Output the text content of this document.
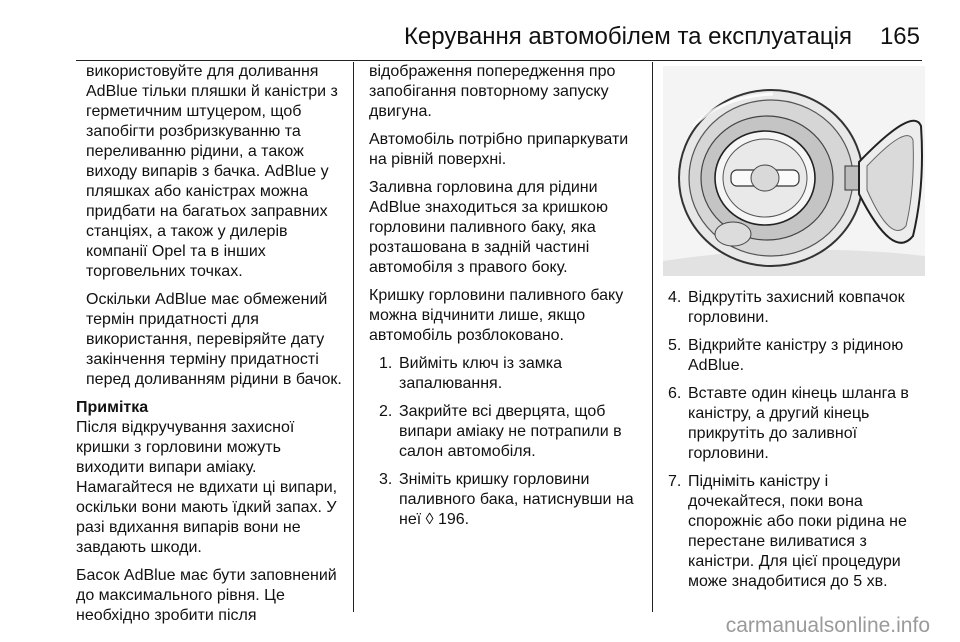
Керування автомобілем та експлуатація 165

використовуйте для доливання AdBlue тільки пляшки й каністри з герметичним штуцером, щоб запобігти розбризкуванню та переливанню рідини, а також виходу випарів з бачка. AdBlue у пляшках або каністрах можна придбати на багатьох заправних станціях, а також у дилерів компанії Opel та в інших торговельних точках.

Оскільки AdBlue має обмежений термін придатності для використання, перевіряйте дату закінчення терміну придатності перед доливанням рідини в бачок.

Примітка
Після відкручування захисної кришки з горловини можуть виходити випари аміаку. Намагайтеся не вдихати ці випари, оскільки вони мають їдкий запах. У разі вдихання випарів вони не завдають шкоди.

Басок AdBlue має бути заповнений до максимального рівня. Це необхідно зробити після

відображення попередження про запобігання повторному запуску двигуна.

Автомобіль потрібно припаркувати на рівній поверхні.

Заливна горловина для рідини AdBlue знаходиться за кришкою горловини паливного баку, яка розташована в задній частині автомобіля з правого боку.

Кришку горловини паливного баку можна відчинити лише, якщо автомобіль розблоковано.

1. Вийміть ключ із замка запалювання.
2. Закрийте всі дверцята, щоб випари аміаку не потрапили в салон автомобіля.
3. Зніміть кришку горловини паливного бака, натиснувши на неї ◊ 196.
4. Відкрутіть захисний ковпачок горловини.
5. Відкрийте каністру з рідиною AdBlue.
6. Вставте один кінець шланга в каністру, а другий кінець прикрутіть до заливної горловини.
7. Підніміть каністру і дочекайтеся, поки вона спорожніє або поки рідина не перестане виливатися з каністри. Для цієї процедури може знадобитися до 5 хв.
carmanualsonline.info
